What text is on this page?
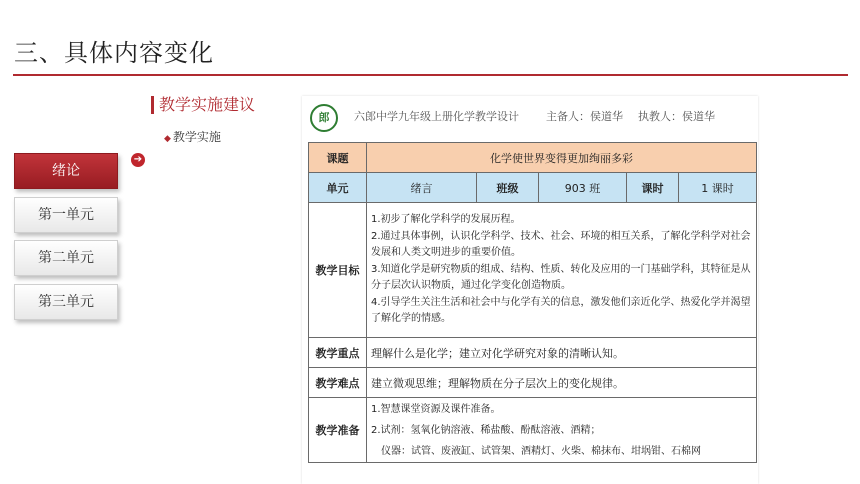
三、具体内容变化
教学实施建议
◆ 教学实施
➔
绪论
第一单元
第二单元
第三单元
郎	六郎中学九年级上册化学教学设计 主备人：侯道华 执教人：侯道华
课题	化学使世界变得更加绚丽多彩				
单元	绪言	班级	903 班	课时	1 课时
教学目标	1.初步了解化学科学的发展历程。
2.通过具体事例，认识化学科学、技术、社会、环境的相互关系，了解化学科学对社会发展和人类文明进步的重要价值。
3.知道化学是研究物质的组成、结构、性质、转化及应用的一门基础学科，其特征是从分子层次认识物质，通过化学变化创造物质。
4.引导学生关注生活和社会中与化学有关的信息，激发他们亲近化学、热爱化学并渴望了解化学的情感。				

教学重点	理解什么是化学；建立对化学研究对象的清晰认知。				
教学难点	建立微观思维；理解物质在分子层次上的变化规律。				
教学准备	1.智慧课堂资源及课件准备。
2.试剂：氢氧化钠溶液、稀盐酸、酚酞溶液、酒精；
仪器：试管、废液缸、试管架、酒精灯、火柴、棉抹布、坩埚钳、石棉网				
